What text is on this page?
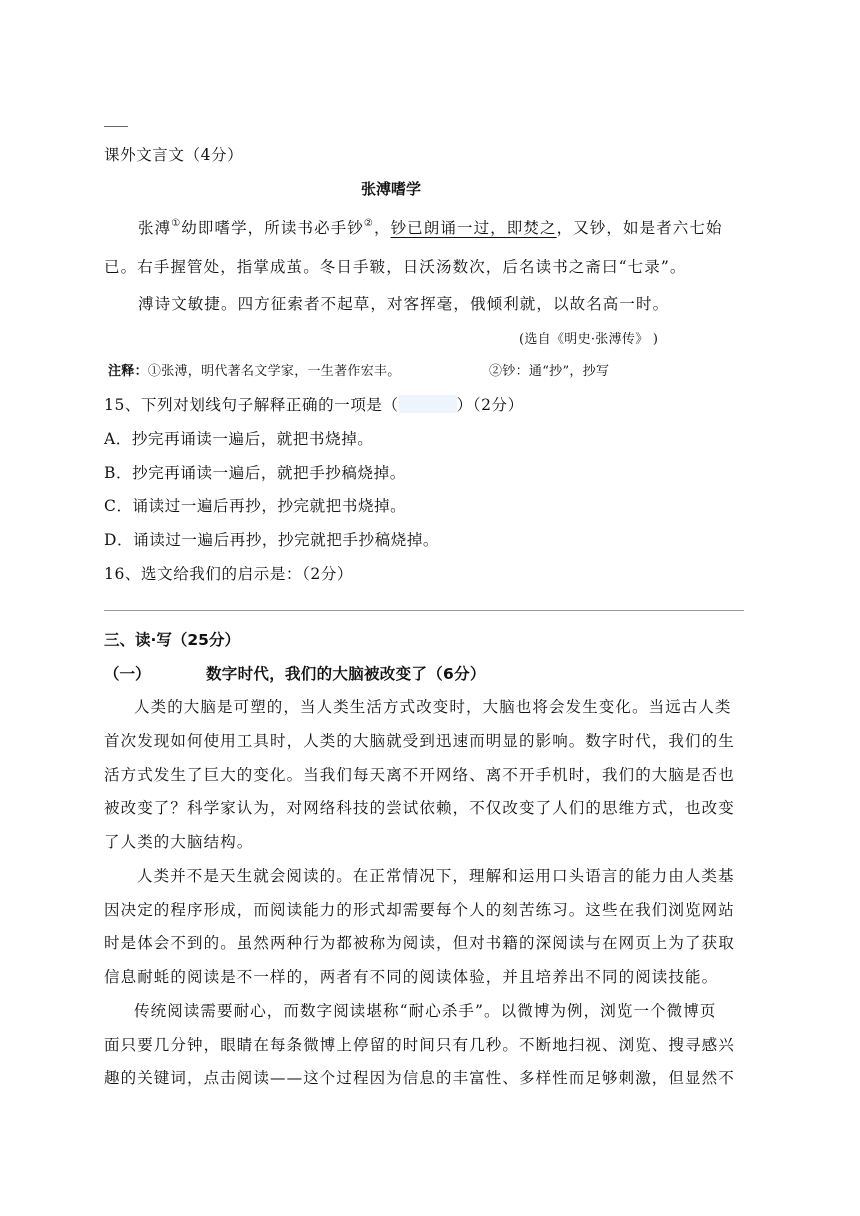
课外文言文（4分）
张溥嗜学
张溥①幼即嗜学，所读书必手钞②，钞已朗诵一过，即焚之，又钞，如是者六七始
已。右手握管处，指掌成茧。冬日手皲，日沃汤数次，后名读书之斋曰“七录”。
溥诗文敏捷。四方征索者不起草，对客挥毫，俄倾利就，以故名高一时。
(选自《明史·张溥传》 )
注释：①张溥，明代著名文学家，一生著作宏丰。	②钞：通“抄”，抄写
15、下列对划线句子解释正确的一项是（	）（2分）
A．抄完再诵读一遍后，就把书烧掉。
B．抄完再诵读一遍后，就把手抄稿烧掉。
C．诵读过一遍后再抄，抄完就把书烧掉。
D．诵读过一遍后再抄，抄完就把手抄稿烧掉。
16、选文给我们的启示是：（2分）
三、读·写（25分）
（一）	数字时代，我们的大脑被改变了（6分）
人类的大脑是可塑的，当人类生活方式改变时，大脑也将会发生变化。当远古人类
首次发现如何使用工具时，人类的大脑就受到迅速而明显的影响。数字时代，我们的生
活方式发生了巨大的变化。当我们每天离不开网络、离不开手机时，我们的大脑是否也
被改变了？科学家认为，对网络科技的尝试依赖，不仅改变了人们的思维方式，也改变
了人类的大脑结构。
人类并不是天生就会阅读的。在正常情况下，理解和运用口头语言的能力由人类基
因决定的程序形成，而阅读能力的形式却需要每个人的刻苦练习。这些在我们浏览网站
时是体会不到的。虽然两种行为都被称为阅读，但对书籍的深阅读与在网页上为了获取
信息耐蚝的阅读是不一样的，两者有不同的阅读体验，并且培养出不同的阅读技能。
传统阅读需要耐心，而数字阅读堪称“耐心杀手”。以微博为例，浏览一个微博页
面只要几分钟，眼睛在每条微博上停留的时间只有几秒。不断地扫视、浏览、搜寻感兴
趣的关键词，点击阅读——这个过程因为信息的丰富性、多样性而足够刺激，但显然不
